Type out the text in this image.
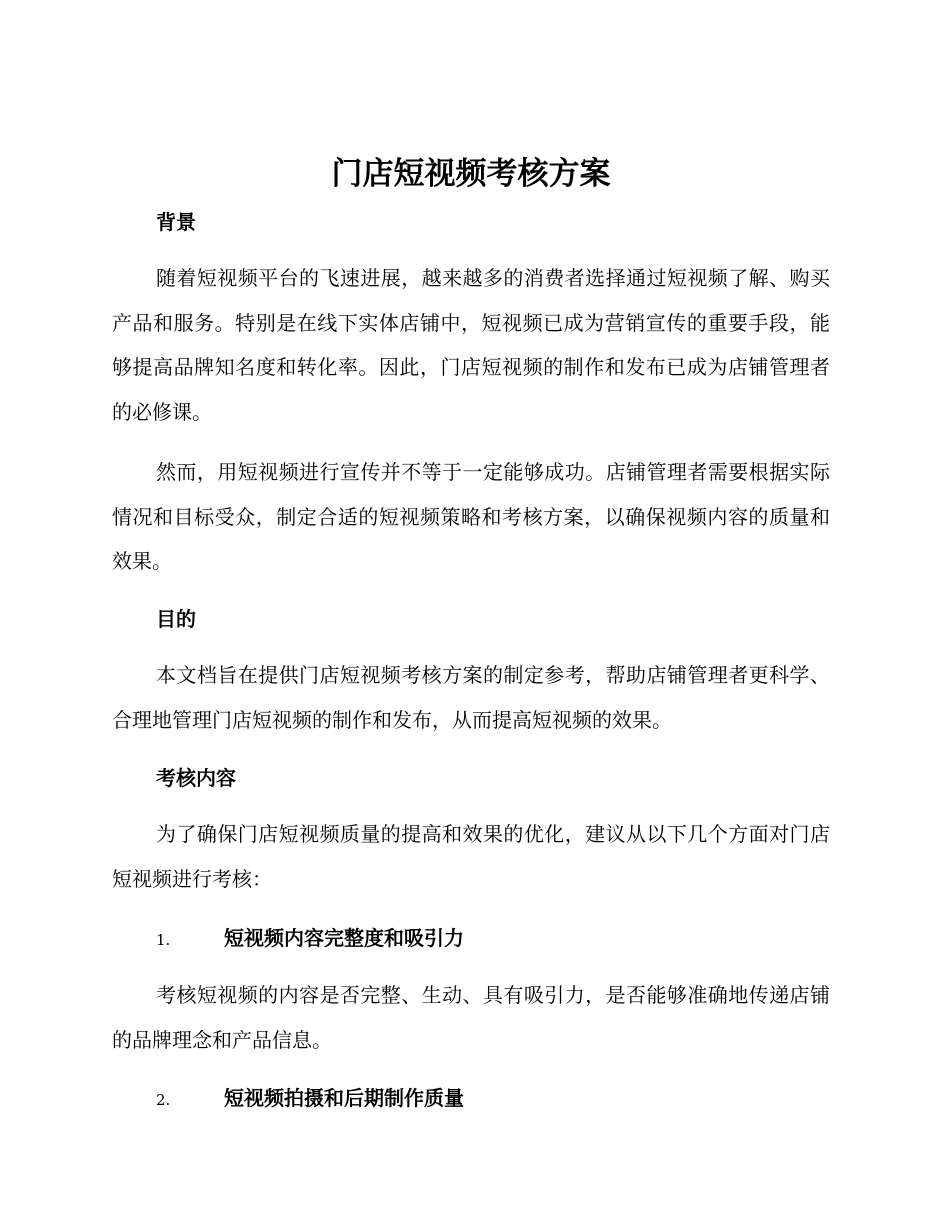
门店短视频考核方案
背景

随着短视频平台的飞速进展，越来越多的消费者选择通过短视频了解、购买产品和服务。特别是在线下实体店铺中，短视频已成为营销宣传的重要手段，能够提高品牌知名度和转化率。因此，门店短视频的制作和发布已成为店铺管理者的必修课。

然而，用短视频进行宣传并不等于一定能够成功。店铺管理者需要根据实际情况和目标受众，制定合适的短视频策略和考核方案，以确保视频内容的质量和效果。

目的

本文档旨在提供门店短视频考核方案的制定参考，帮助店铺管理者更科学、合理地管理门店短视频的制作和发布，从而提高短视频的效果。

考核内容

为了确保门店短视频质量的提高和效果的优化，建议从以下几个方面对门店短视频进行考核：

1.	短视频内容完整度和吸引力

考核短视频的内容是否完整、生动、具有吸引力，是否能够准确地传递店铺的品牌理念和产品信息。

2.	短视频拍摄和后期制作质量
